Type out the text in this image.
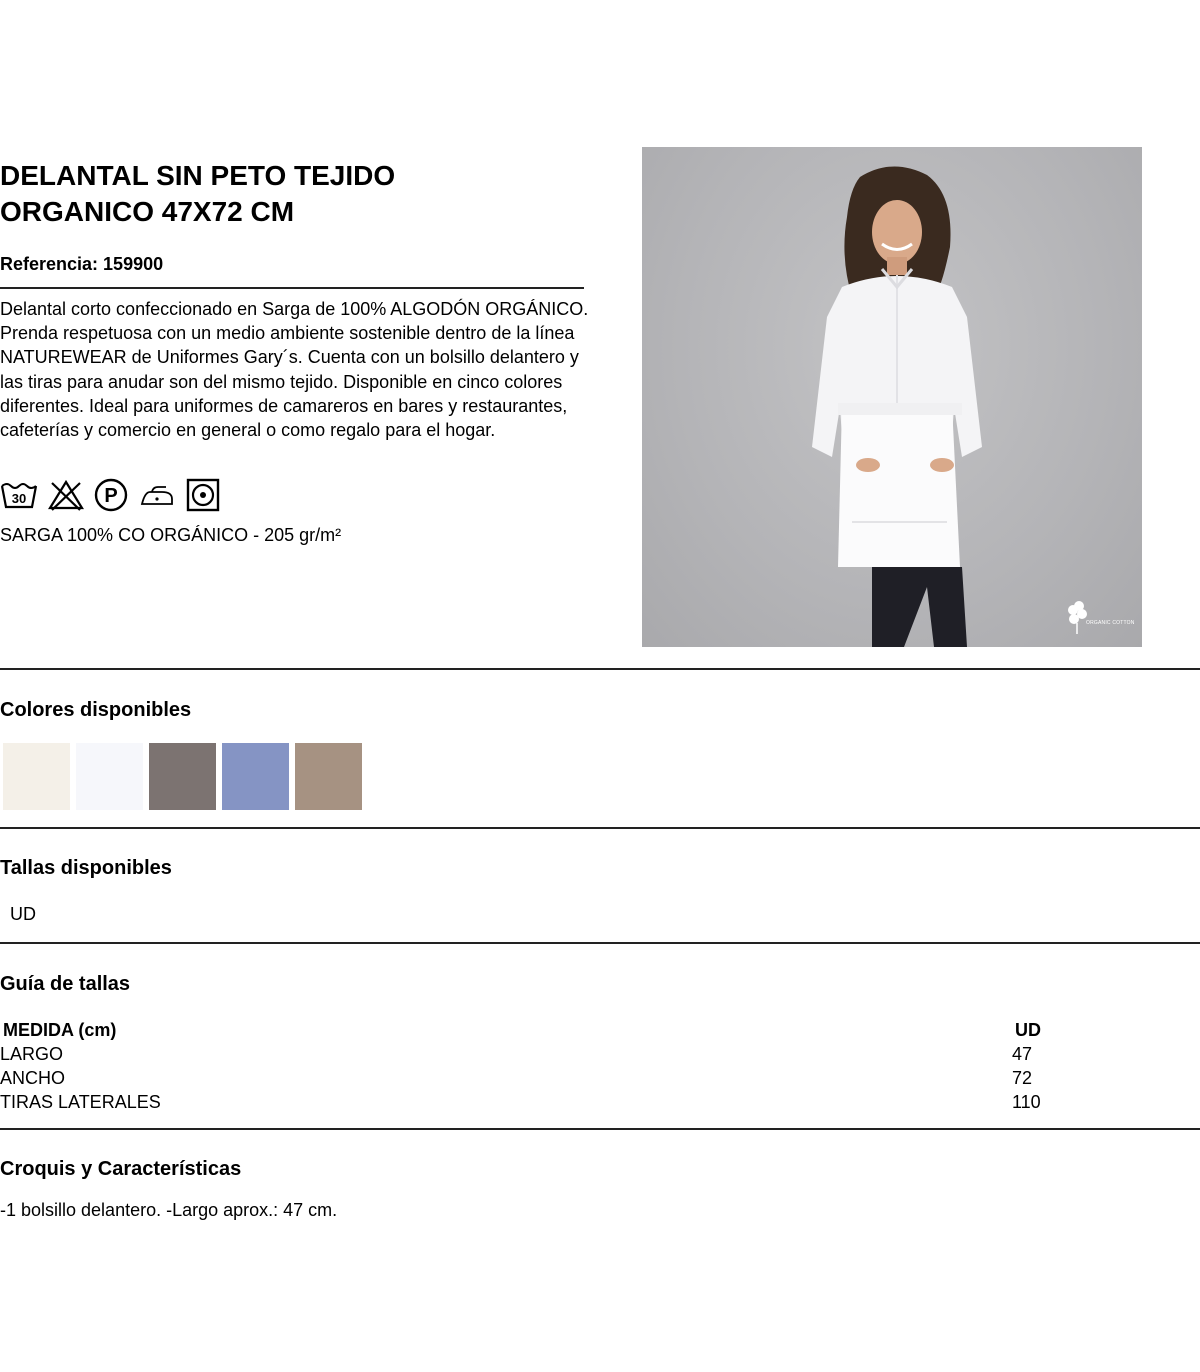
DELANTAL SIN PETO TEJIDO
ORGANICO 47X72 CM
Referencia: 159900

Delantal corto confeccionado en Sarga de 100% ALGODÓN ORGÁNICO. Prenda respetuosa con un medio ambiente sostenible dentro de la línea NATUREWEAR de Uniformes Gary´s. Cuenta con un bolsillo delantero y las tiras para anudar son del mismo tejido. Disponible en cinco colores diferentes. Ideal para uniformes de camareros en bares y restaurantes, cafeterías y comercio en general o como regalo para el hogar.

30	P
SARGA 100% CO ORGÁNICO - 205 gr/m²
ORGANIC COTTON
Colores disponibles
Tallas disponibles
UD
Guía de tallas
MEDIDA (cm)	UD
LARGO	47
ANCHO	72
TIRAS LATERALES	110
Croquis y Características
-1 bolsillo delantero. -Largo aprox.: 47 cm.
